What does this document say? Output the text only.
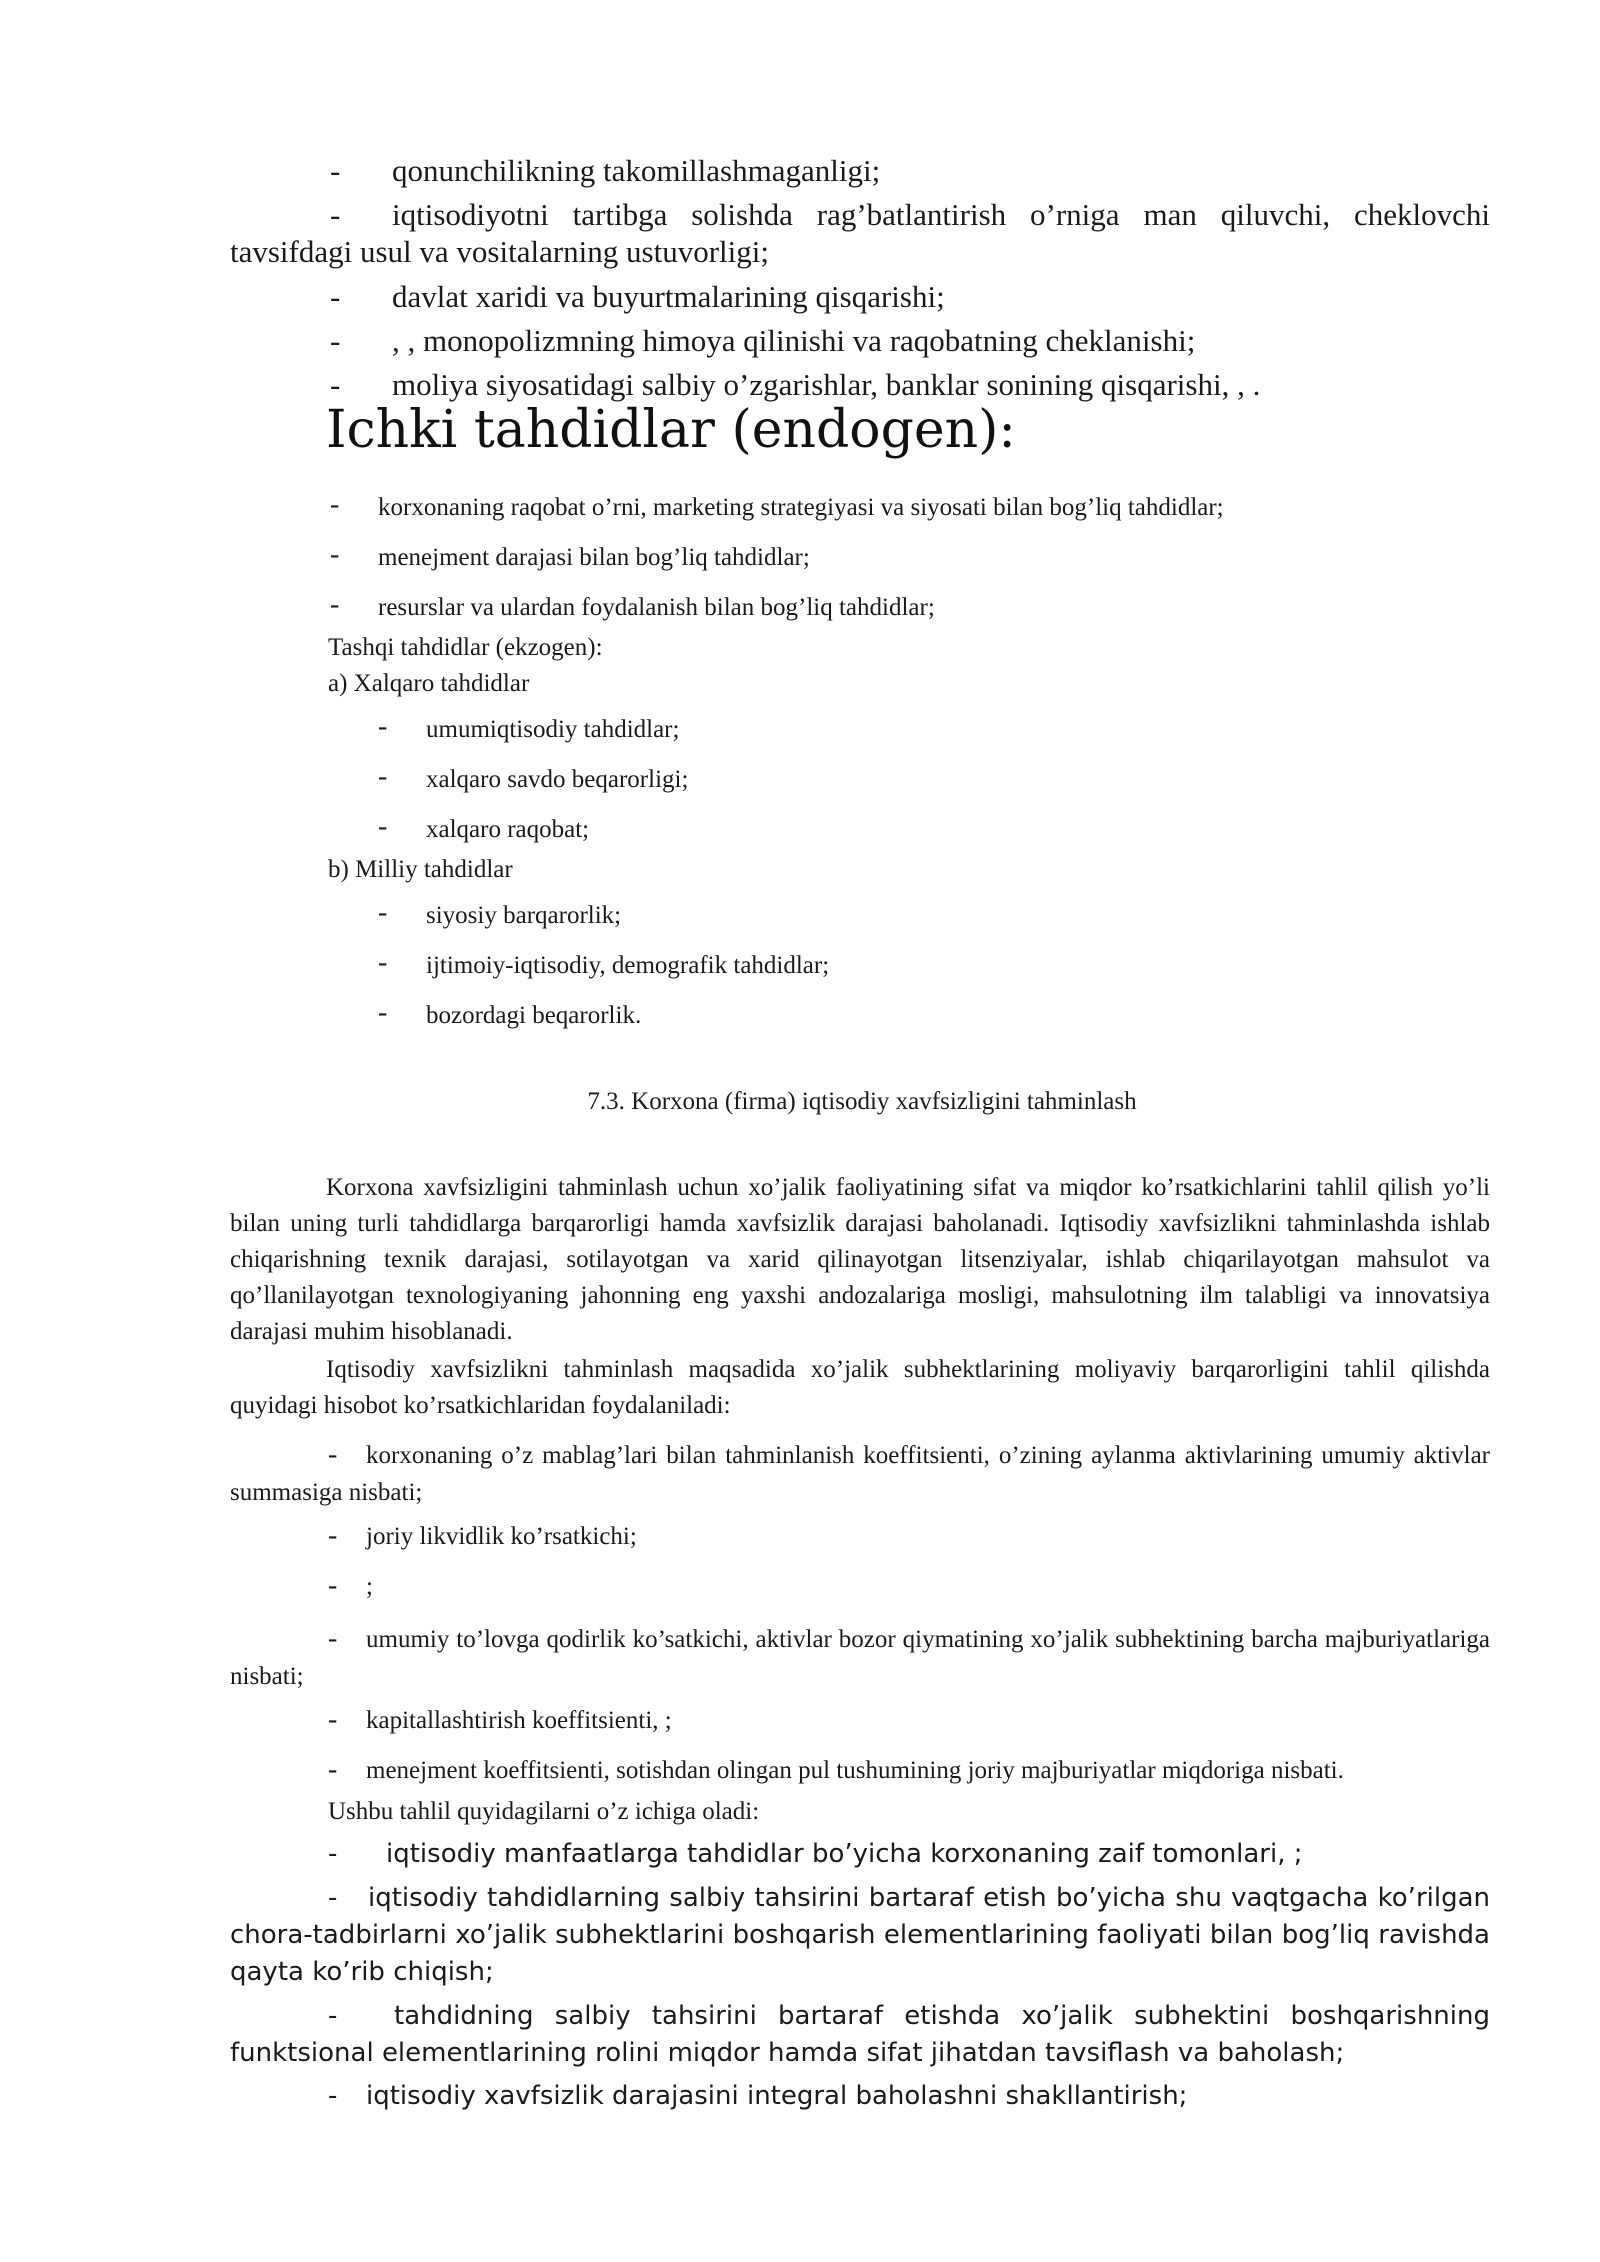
- qonunchilikning takomillashmaganligi;
- iqtisodiyotni tartibga solishda rag’batlantirish o’rniga man qiluvchi, cheklovchi tavsifdagi usul va vositalarning ustuvorligi;
- davlat xaridi va buyurtmalarining qisqarishi;
- , , monopolizmning himoya qilinishi va raqobatning cheklanishi;
- moliya siyosatidagi salbiy o’zgarishlar, banklar sonining qisqarishi, , .
Ichki tahdidlar (endogen):
- korxonaning raqobat o’rni, marketing strategiyasi va siyosati bilan bog’liq tahdidlar;
- menejment darajasi bilan bog’liq tahdidlar;
- resurslar va ulardan foydalanish bilan bog’liq tahdidlar;
Tashqi tahdidlar (ekzogen):
a) Xalqaro tahdidlar
- umumiqtisodiy tahdidlar;
- xalqaro savdo beqarorligi;
- xalqaro raqobat;
b) Milliy tahdidlar
- siyosiy barqarorlik;
- ijtimoiy-iqtisodiy, demografik tahdidlar;
- bozordagi beqarorlik.
7.3. Korxona (firma) iqtisodiy xavfsizligini tahminlash

Korxona xavfsizligini tahminlash uchun xo’jalik faoliyatining sifat va miqdor ko’rsatkichlarini tahlil qilish yo’li bilan uning turli tahdidlarga barqarorligi hamda xavfsizlik darajasi baholanadi. Iqtisodiy xavfsizlikni tahminlashda ishlab chiqarishning texnik darajasi, sotilayotgan va xarid qilinayotgan litsenziyalar, ishlab chiqarilayotgan mahsulot va qo’llanilayotgan texnologiyaning jahonning eng yaxshi andozalariga mosligi, mahsulotning ilm talabligi va innovatsiya darajasi muhim hisoblanadi.

Iqtisodiy xavfsizlikni tahminlash maqsadida xo’jalik subhektlarining moliyaviy barqarorligini tahlil qilishda quyidagi hisobot ko’rsatkichlaridan foydalaniladi:

- korxonaning o’z mablag’lari bilan tahminlanish koeffitsienti, o’zining aylanma aktivlarining umumiy aktivlar summasiga nisbati;
- joriy likvidlik ko’rsatkichi;
- ;
- umumiy to’lovga qodirlik ko’satkichi, aktivlar bozor qiymatining xo’jalik subhektining barcha majburiyatlariga nisbati;
- kapitallashtirish koeffitsienti, ;
- menejment koeffitsienti, sotishdan olingan pul tushumining joriy majburiyatlar miqdoriga nisbati.
Ushbu tahlil quyidagilarni o’z ichiga oladi:
- iqtisodiy manfaatlarga tahdidlar bo’yicha korxonaning zaif tomonlari, ;
- iqtisodiy tahdidlarning salbiy tahsirini bartaraf etish bo’yicha shu vaqtgacha ko’rilgan chora-tadbirlarni xo’jalik subhektlarini boshqarish elementlarining faoliyati bilan bog’liq ravishda qayta ko’rib chiqish;
- tahdidning salbiy tahsirini bartaraf etishda xo’jalik subhektini boshqarishning funktsional elementlarining rolini miqdor hamda sifat jihatdan tavsiflash va baholash;
- iqtisodiy xavfsizlik darajasini integral baholashni shakllantirish;
